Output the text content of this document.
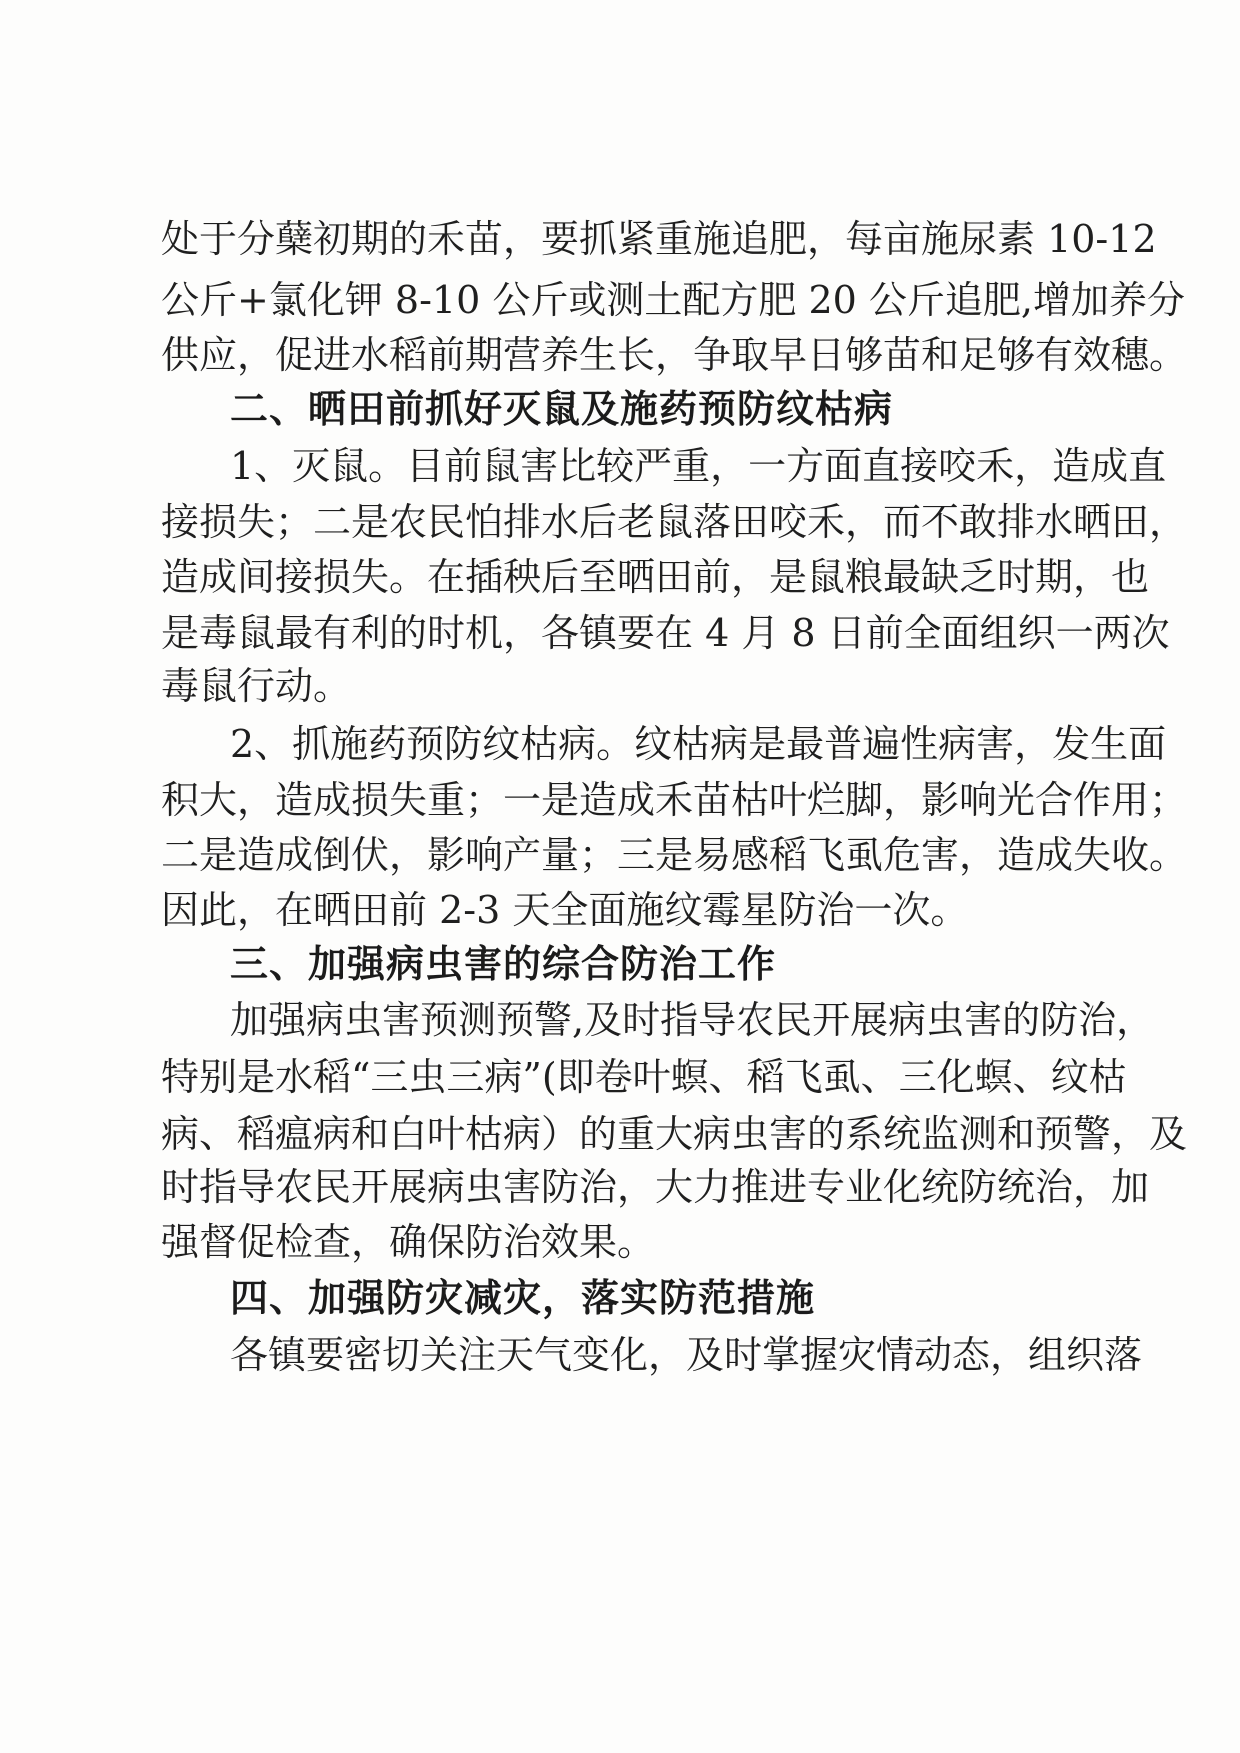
处于分蘖初期的禾苗，要抓紧重施追肥，每亩施尿素 10-12
公斤+氯化钾 8-10 公斤或测土配方肥 20 公斤追肥,增加养分
供应，促进水稻前期营养生长，争取早日够苗和足够有效穗。
二、晒田前抓好灭鼠及施药预防纹枯病
1、灭鼠。目前鼠害比较严重，一方面直接咬禾，造成直
接损失；二是农民怕排水后老鼠落田咬禾，而不敢排水晒田，
造成间接损失。在插秧后至晒田前，是鼠粮最缺乏时期，也
是毒鼠最有利的时机，各镇要在 4 月 8 日前全面组织一两次
毒鼠行动。
2、抓施药预防纹枯病。纹枯病是最普遍性病害，发生面
积大，造成损失重；一是造成禾苗枯叶烂脚，影响光合作用；
二是造成倒伏，影响产量；三是易感稻飞虱危害，造成失收。
因此，在晒田前 2-3 天全面施纹霉星防治一次。
三、加强病虫害的综合防治工作
加强病虫害预测预警,及时指导农民开展病虫害的防治，
特别是水稻“三虫三病”(即卷叶螟、稻飞虱、三化螟、纹枯
病、稻瘟病和白叶枯病）的重大病虫害的系统监测和预警，及
时指导农民开展病虫害防治，大力推进专业化统防统治，加
强督促检查，确保防治效果。
四、加强防灾减灾，落实防范措施
各镇要密切关注天气变化，及时掌握灾情动态，组织落
